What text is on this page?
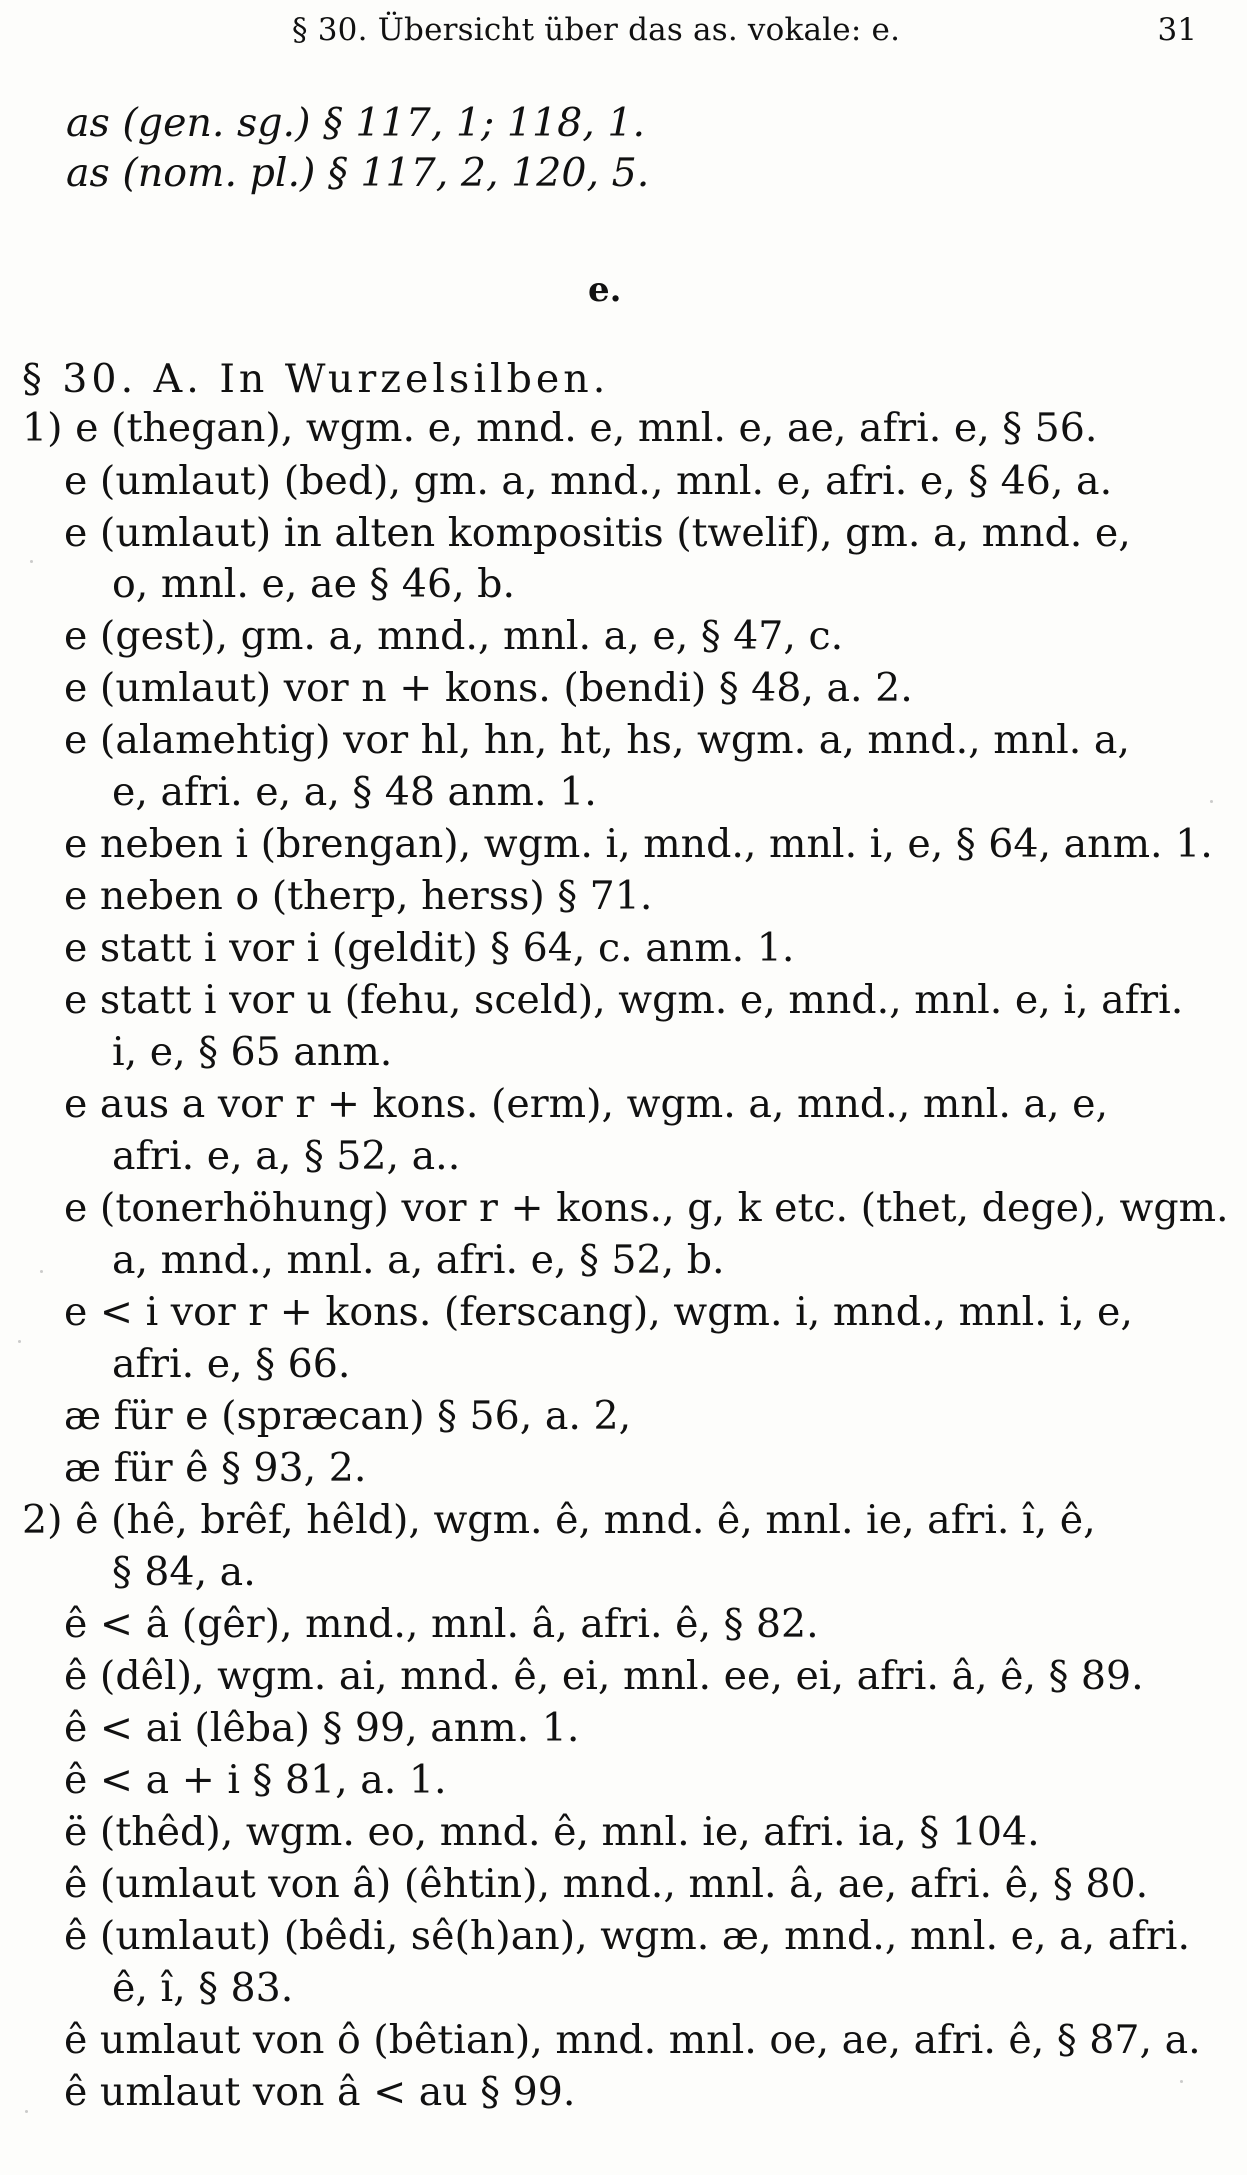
§ 30. Übersicht über das as. vokale: e.	31
as (gen. sg.) § 117, 1; 118, 1.
as (nom. pl.) § 117, 2, 120, 5.
e.
§ 30. A. In Wurzelsilben.
1) e (thegan), wgm. e, mnd. e, mnl. e, ae, afri. e, § 56.
e (umlaut) (bed), gm. a, mnd., mnl. e, afri. e, § 46, a.
e (umlaut) in alten kompositis (twelif), gm. a, mnd. e,
o, mnl. e, ae § 46, b.
e (gest), gm. a, mnd., mnl. a, e, § 47, c.
e (umlaut) vor n + kons. (bendi) § 48, a. 2.
e (alamehtig) vor hl, hn, ht, hs, wgm. a, mnd., mnl. a,
e, afri. e, a, § 48 anm. 1.
e neben i (brengan), wgm. i, mnd., mnl. i, e, § 64, anm. 1.
e neben o (therp, herss) § 71.
e statt i vor i (geldit) § 64, c. anm. 1.
e statt i vor u (fehu, sceld), wgm. e, mnd., mnl. e, i, afri.
i, e, § 65 anm.
e aus a vor r + kons. (erm), wgm. a, mnd., mnl. a, e,
afri. e, a, § 52, a..
e (tonerhöhung) vor r + kons., g, k etc. (thet, dege), wgm.
a, mnd., mnl. a, afri. e, § 52, b.
e < i vor r + kons. (ferscang), wgm. i, mnd., mnl. i, e,
afri. e, § 66.
æ für e (spræcan) § 56, a. 2,
æ für ê § 93, 2.
2) ê (hê, brêf, hêld), wgm. ê, mnd. ê, mnl. ie, afri. î, ê,
§ 84, a.
ê < â (gêr), mnd., mnl. â, afri. ê, § 82.
ê (dêl), wgm. ai, mnd. ê, ei, mnl. ee, ei, afri. â, ê, § 89.
ê < ai (lêba) § 99, anm. 1.
ê < a + i § 81, a. 1.
ë (thêd), wgm. eo, mnd. ê, mnl. ie, afri. ia, § 104.
ê (umlaut von â) (êhtin), mnd., mnl. â, ae, afri. ê, § 80.
ê (umlaut) (bêdi, sê(h)an), wgm. æ, mnd., mnl. e, a, afri.
ê, î, § 83.
ê umlaut von ô (bêtian), mnd. mnl. oe, ae, afri. ê, § 87, a.
ê umlaut von â < au § 99.
